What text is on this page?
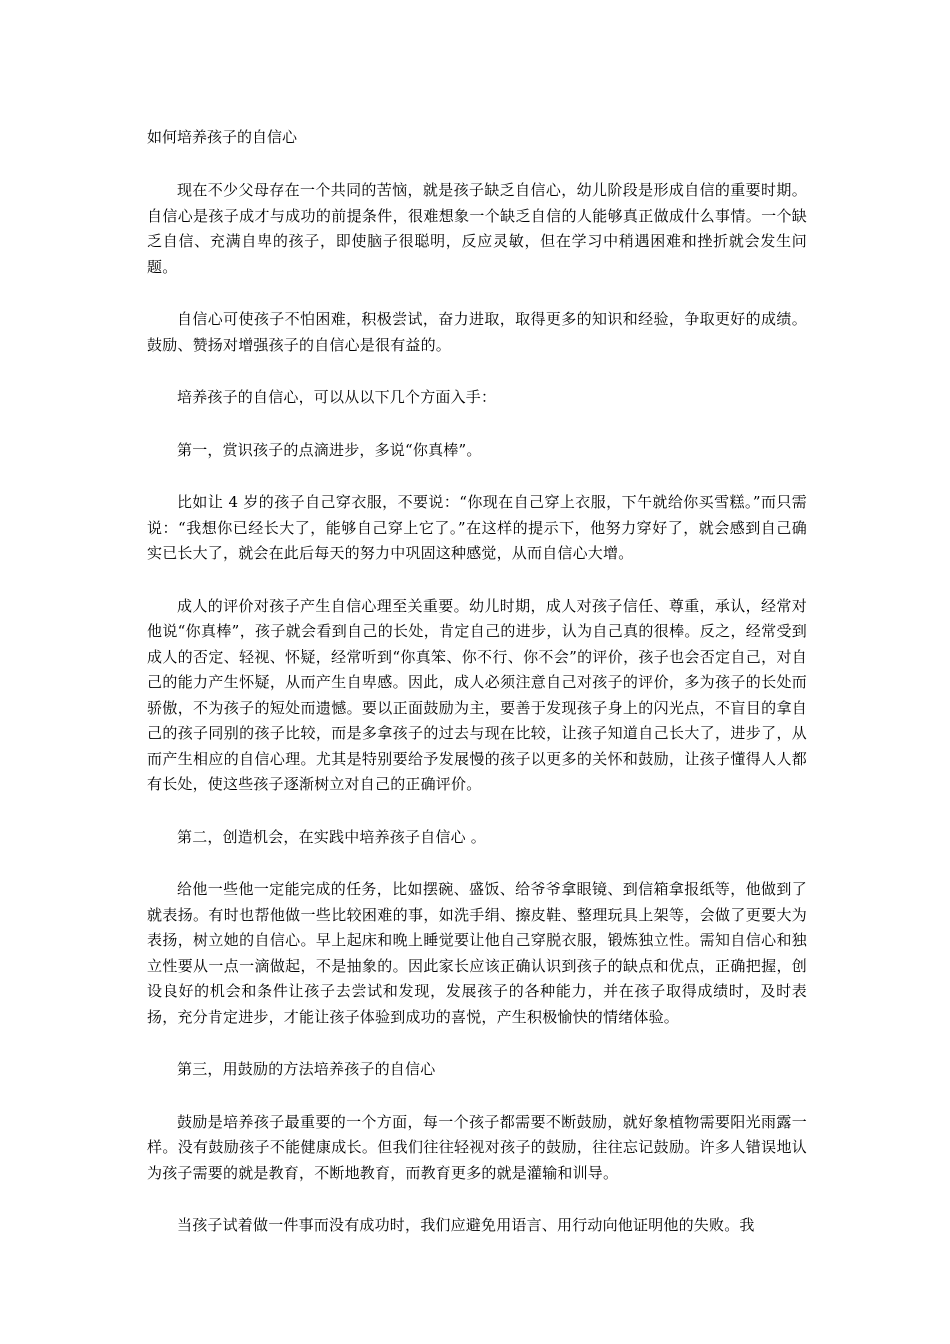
如何培养孩子的自信心

现在不少父母存在一个共同的苦恼，就是孩子缺乏自信心，幼儿阶段是形成自信的重要时期。自信心是孩子成才与成功的前提条件，很难想象一个缺乏自信的人能够真正做成什么事情。一个缺乏自信、充满自卑的孩子，即使脑子很聪明，反应灵敏，但在学习中稍遇困难和挫折就会发生问题。

自信心可使孩子不怕困难，积极尝试，奋力进取，取得更多的知识和经验，争取更好的成绩。鼓励、赞扬对增强孩子的自信心是很有益的。

培养孩子的自信心，可以从以下几个方面入手：

第一，赏识孩子的点滴进步，多说“你真棒”。

比如让 4 岁的孩子自己穿衣服，不要说：“你现在自己穿上衣服，下午就给你买雪糕。”而只需说：“我想你已经长大了，能够自己穿上它了。”在这样的提示下，他努力穿好了，就会感到自己确实已长大了，就会在此后每天的努力中巩固这种感觉，从而自信心大增。

成人的评价对孩子产生自信心理至关重要。幼儿时期，成人对孩子信任、尊重，承认，经常对他说“你真棒”，孩子就会看到自己的长处，肯定自己的进步，认为自己真的很棒。反之，经常受到成人的否定、轻视、怀疑，经常听到“你真笨、你不行、你不会”的评价，孩子也会否定自己，对自己的能力产生怀疑，从而产生自卑感。因此，成人必须注意自己对孩子的评价，多为孩子的长处而骄傲，不为孩子的短处而遗憾。要以正面鼓励为主，要善于发现孩子身上的闪光点，不盲目的拿自己的孩子同别的孩子比较，而是多拿孩子的过去与现在比较，让孩子知道自己长大了，进步了，从而产生相应的自信心理。尤其是特别要给予发展慢的孩子以更多的关怀和鼓励，让孩子懂得人人都有长处，使这些孩子逐渐树立对自己的正确评价。

第二，创造机会，在实践中培养孩子自信心 。

给他一些他一定能完成的任务，比如摆碗、盛饭、给爷爷拿眼镜、到信箱拿报纸等，他做到了就表扬。有时也帮他做一些比较困难的事，如洗手绢、擦皮鞋、整理玩具上架等，会做了更要大为表扬，树立她的自信心。早上起床和晚上睡觉要让他自己穿脱衣服，锻炼独立性。需知自信心和独立性要从一点一滴做起，不是抽象的。因此家长应该正确认识到孩子的缺点和优点，正确把握，创设良好的机会和条件让孩子去尝试和发现，发展孩子的各种能力，并在孩子取得成绩时，及时表扬，充分肯定进步，才能让孩子体验到成功的喜悦，产生积极愉快的情绪体验。

第三，用鼓励的方法培养孩子的自信心

鼓励是培养孩子最重要的一个方面，每一个孩子都需要不断鼓励，就好象植物需要阳光雨露一样。没有鼓励孩子不能健康成长。但我们往往轻视对孩子的鼓励，往往忘记鼓励。许多人错误地认为孩子需要的就是教育，不断地教育，而教育更多的就是灌输和训导。

当孩子试着做一件事而没有成功时，我们应避免用语言、用行动向他证明他的失败。我
